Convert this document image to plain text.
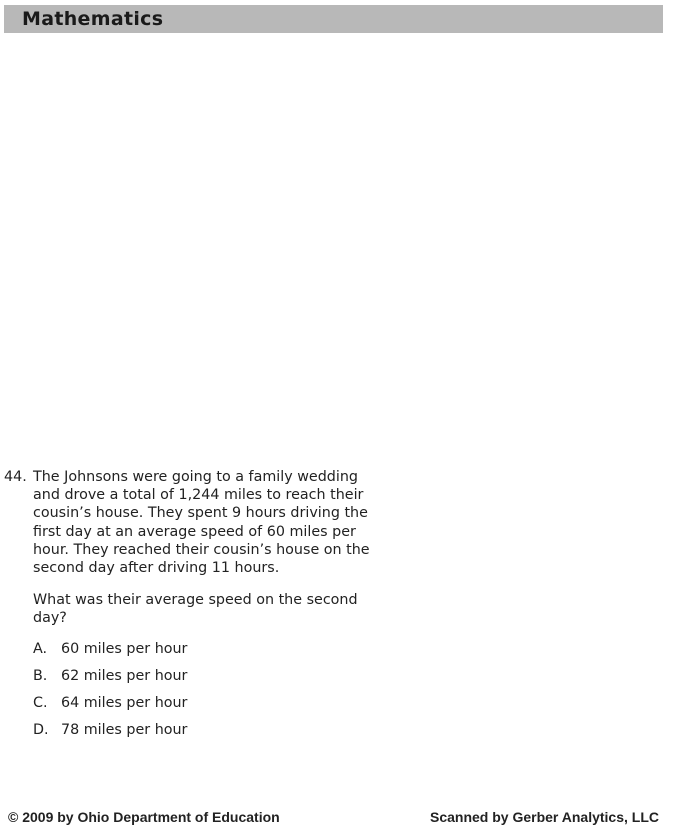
Mathematics
44. The Johnsons were going to a family wedding
and drove a total of 1,244 miles to reach their
cousin’s house. They spent 9 hours driving the
first day at an average speed of 60 miles per
hour. They reached their cousin’s house on the
second day after driving 11 hours.
What was their average speed on the second
day?
A. 60 miles per hour
B. 62 miles per hour
C. 64 miles per hour
D. 78 miles per hour
© 2009 by Ohio Department of Education	Scanned by Gerber Analytics, LLC
